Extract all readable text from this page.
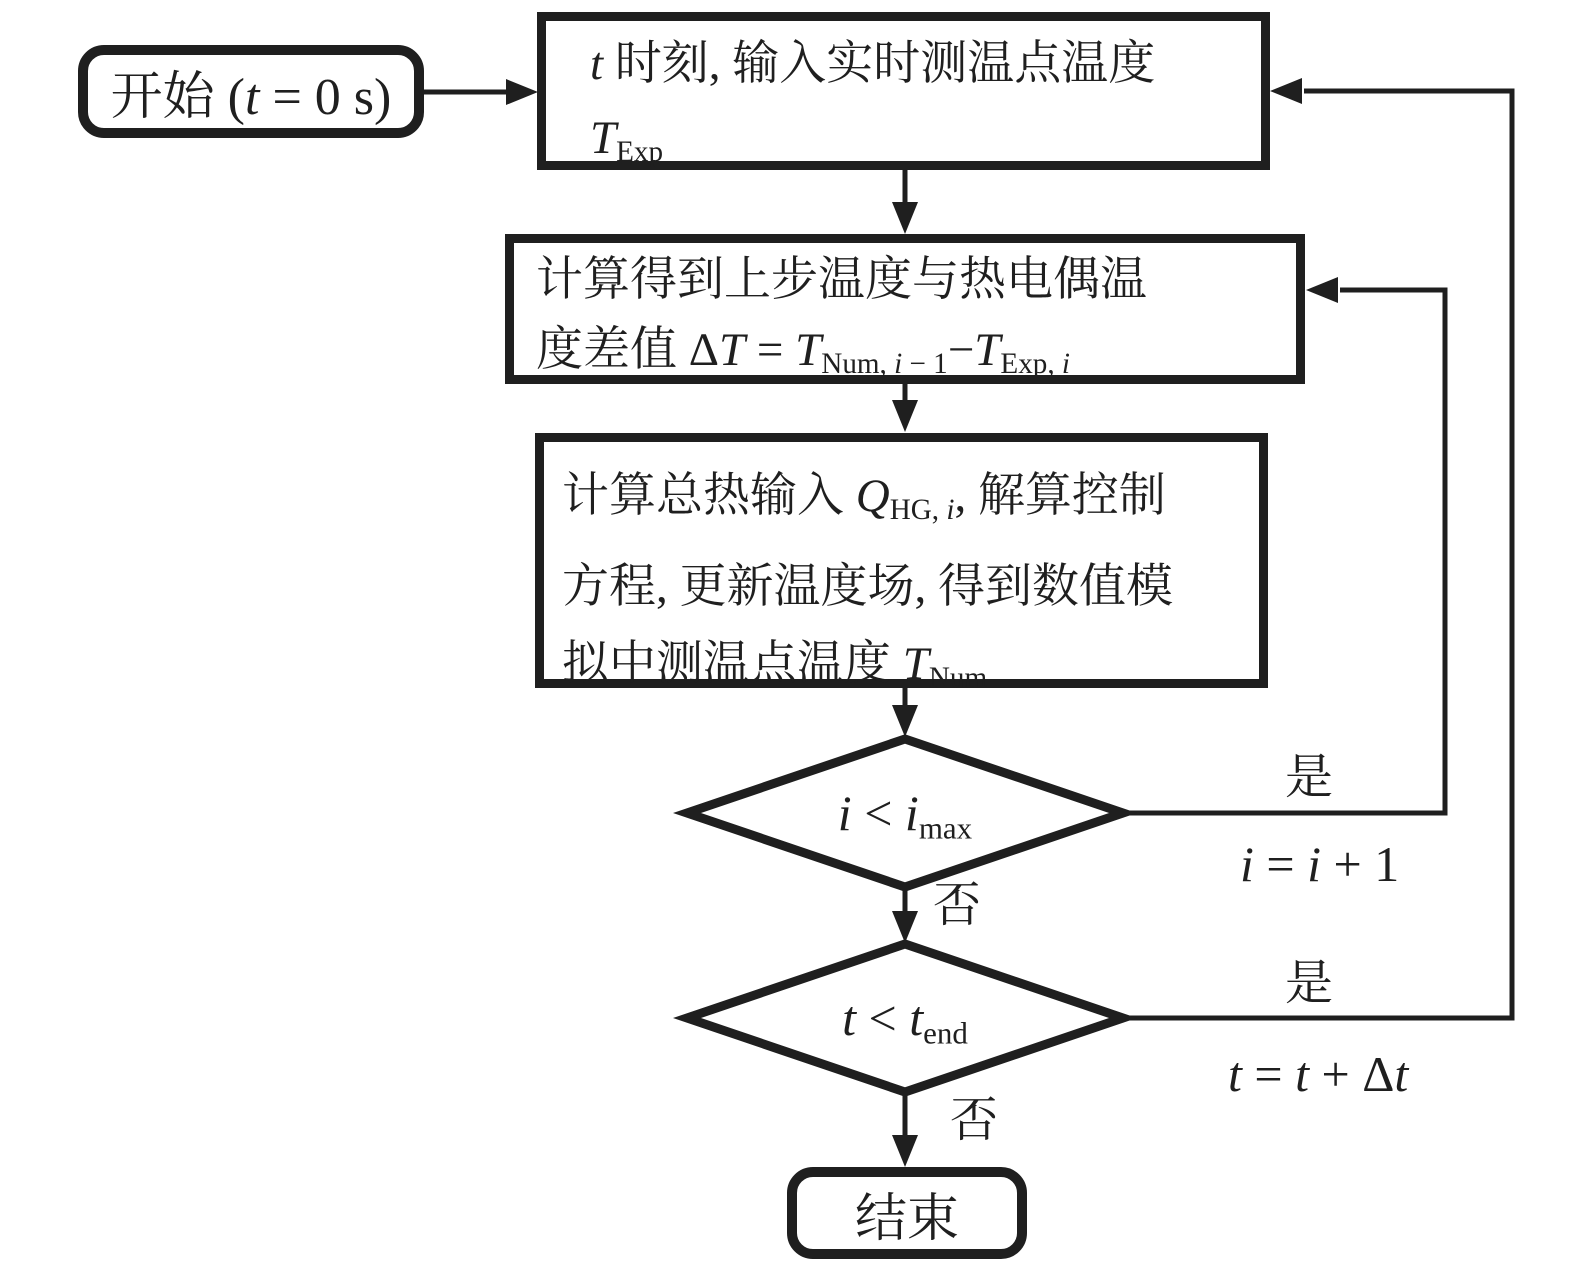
开始 (t = 0 s)
t 时刻, 输入实时测温点温度
TExp
计算得到上步温度与热电偶温
度差值 ΔT = TNum, i − 1−TExp, i
计算总热输入 QHG, i, 解算控制
方程, 更新温度场, 得到数值模
拟中测温点温度 TNum
i < imax
t < tend
是
i = i + 1
否
是
t = t + Δt
否
结束
